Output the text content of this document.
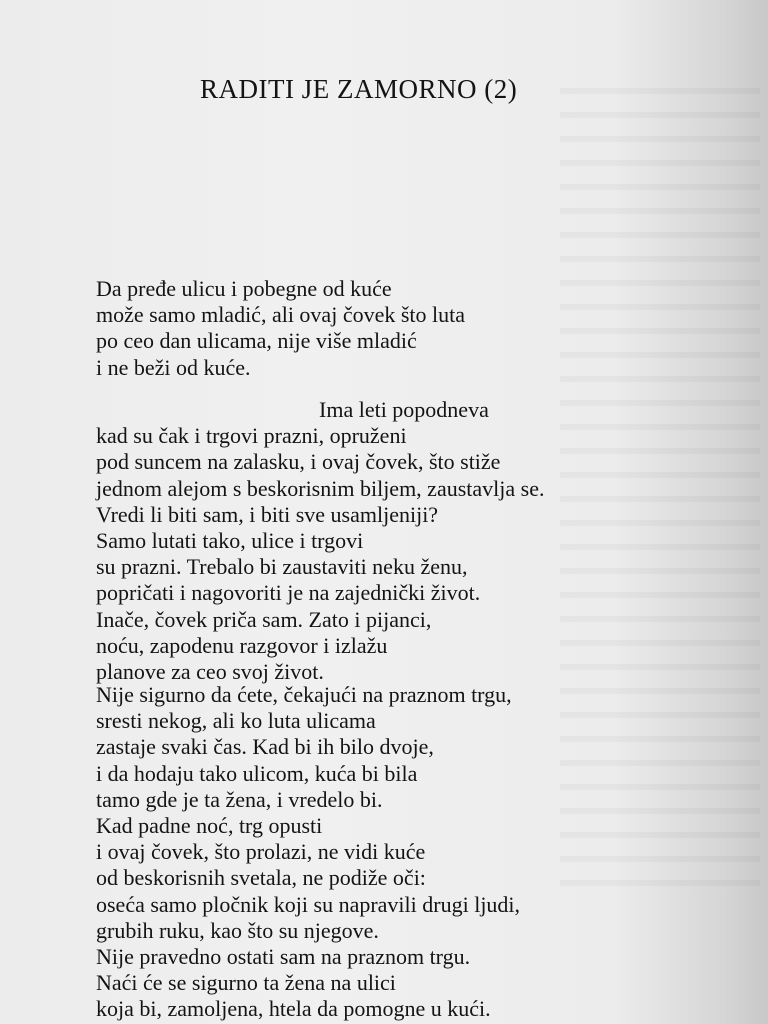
RADITI JE ZAMORNO (2)
Da pređe ulicu i pobegne od kuće
može samo mladić, ali ovaj čovek što luta
po ceo dan ulicama, nije više mladić
i ne beži od kuće.
Ima leti popodneva
kad su čak i trgovi prazni, opruženi
pod suncem na zalasku, i ovaj čovek, što stiže
jednom alejom s beskorisnim biljem, zaustavlja se.
Vredi li biti sam, i biti sve usamljeniji?
Samo lutati tako, ulice i trgovi
su prazni. Trebalo bi zaustaviti neku ženu,
popričati i nagovoriti je na zajednički život.
Inače, čovek priča sam. Zato i pijanci,
noću, zapodenu razgovor i izlažu
planove za ceo svoj život.
Nije sigurno da ćete, čekajući na praznom trgu,
sresti nekog, ali ko luta ulicama
zastaje svaki čas. Kad bi ih bilo dvoje,
i da hodaju tako ulicom, kuća bi bila
tamo gde je ta žena, i vredelo bi.
Kad padne noć, trg opusti
i ovaj čovek, što prolazi, ne vidi kuće
od beskorisnih svetala, ne podiže oči:
oseća samo pločnik koji su napravili drugi ljudi,
grubih ruku, kao što su njegove.
Nije pravedno ostati sam na praznom trgu.
Naći će se sigurno ta žena na ulici
koja bi, zamoljena, htela da pomogne u kući.
